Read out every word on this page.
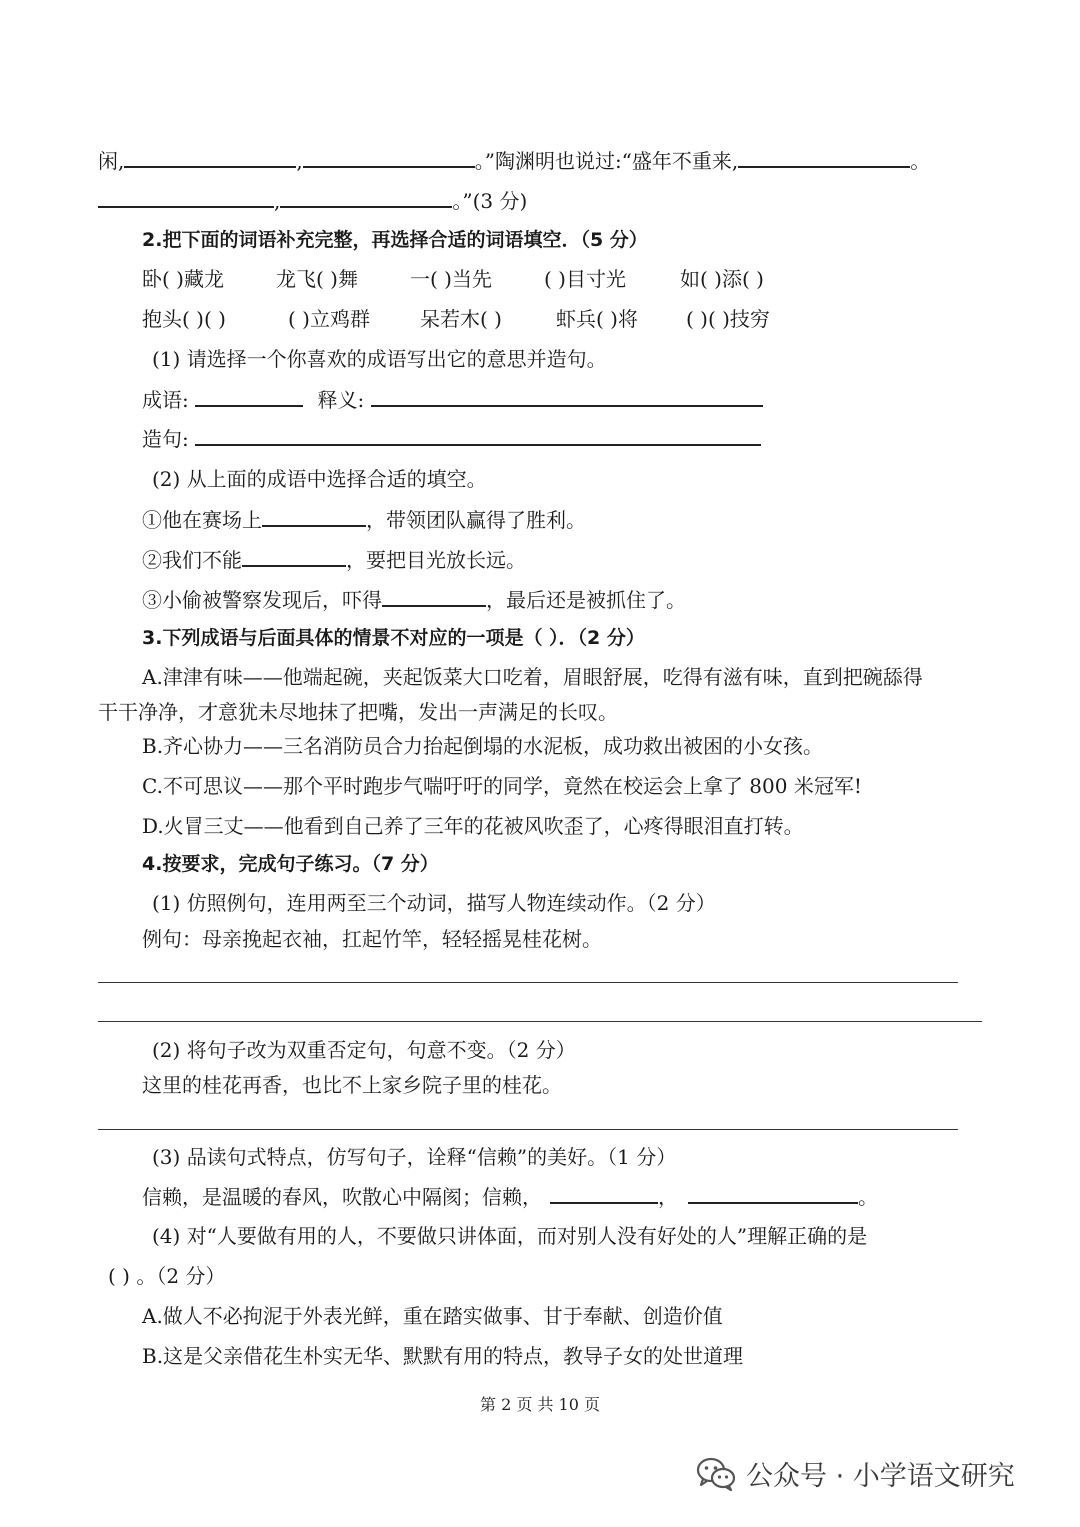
闲,	,	。”陶渊明也说过:“盛年不重来,	。
,	。”(3 分)
2.把下面的词语补充完整，再选择合适的词语填空．（5 分）
卧( )藏龙	龙飞( )舞	一( )当先	( )目寸光	如( )添( )
抱头( )( )	( )立鸡群	呆若木( )	虾兵( )将 ( )( )技穷
(1) 请选择一个你喜欢的成语写出它的意思并造句。
成语:	释义:
造句:
(2) 从上面的成语中选择合适的填空。
①他在赛场上	，带领团队赢得了胜利。
②我们不能	，要把目光放长远。
③小偷被警察发现后，吓得	，最后还是被抓住了。
3.下列成语与后面具体的情景不对应的一项是（ ）．（2 分）
A.津津有味——他端起碗，夹起饭菜大口吃着，眉眼舒展，吃得有滋有味，直到把碗舔得
干干净净，才意犹未尽地抹了把嘴，发出一声满足的长叹。
B.齐心协力——三名消防员合力抬起倒塌的水泥板，成功救出被困的小女孩。
C.不可思议——那个平时跑步气喘吁吁的同学，竟然在校运会上拿了 800 米冠军!
D.火冒三丈——他看到自己养了三年的花被风吹歪了，心疼得眼泪直打转。
4.按要求，完成句子练习。（7 分）
(1) 仿照例句，连用两至三个动词，描写人物连续动作。（2 分）
例句：母亲挽起衣袖，扛起竹竿，轻轻摇晃桂花树。
(2) 将句子改为双重否定句，句意不变。（2 分）
这里的桂花再香，也比不上家乡院子里的桂花。
(3) 品读句式特点，仿写句子，诠释“信赖”的美好。（1 分）
信赖，是温暖的春风，吹散心中隔阂；信赖，	，	。
(4) 对“人要做有用的人，不要做只讲体面，而对别人没有好处的人”理解正确的是
( ) 。（2 分）
A.做人不必拘泥于外表光鲜，重在踏实做事、甘于奉献、创造价值
B.这是父亲借花生朴实无华、默默有用的特点，教导子女的处世道理
第 2 页 共 10 页
公众号 · 小学语文研究
